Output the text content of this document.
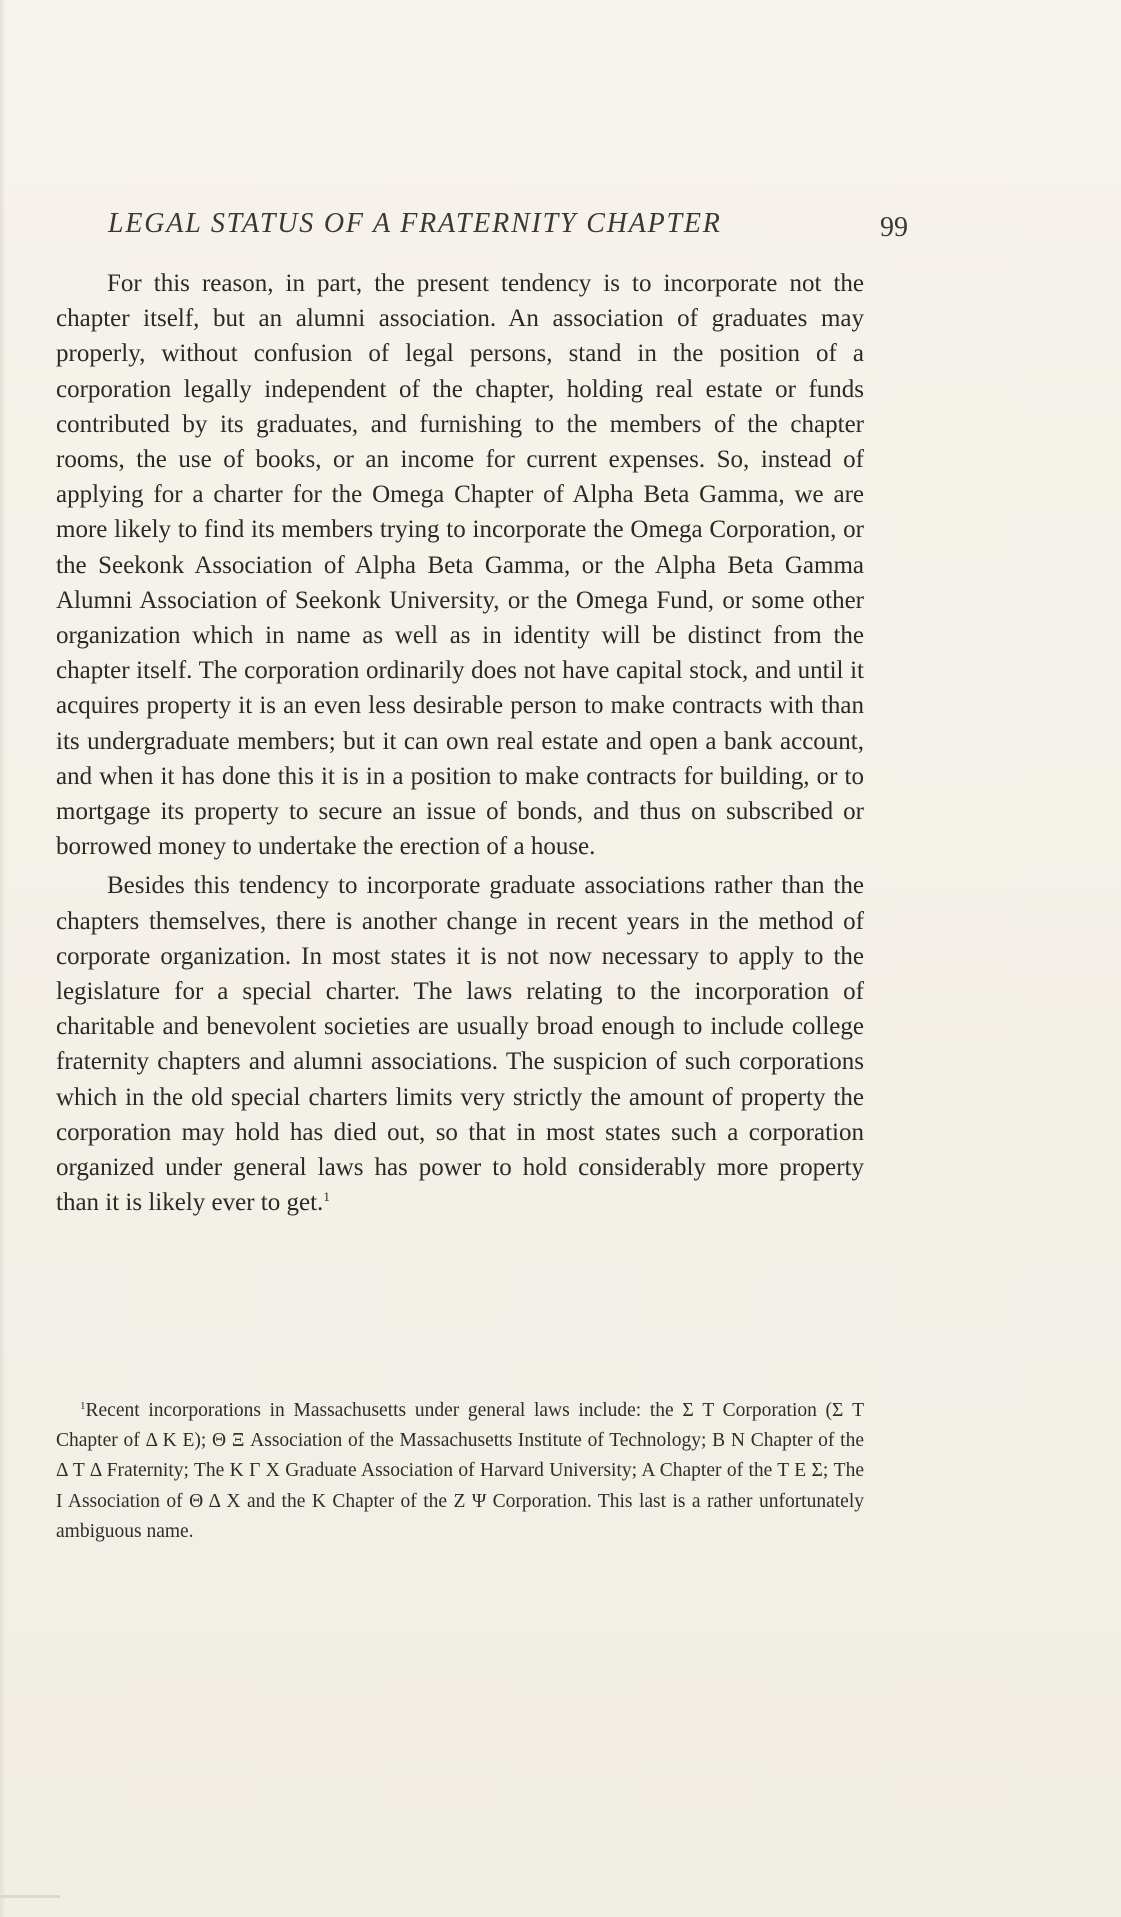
LEGAL STATUS OF A FRATERNITY CHAPTER	99

For this reason, in part, the present tendency is to incorporate not the chapter itself, but an alumni association. An association of graduates may properly, without confusion of legal persons, stand in the position of a corporation legally independent of the chapter, holding real estate or funds contributed by its graduates, and furnishing to the members of the chapter rooms, the use of books, or an income for current expenses. So, instead of applying for a charter for the Omega Chapter of Alpha Beta Gamma, we are more likely to find its members trying to incorporate the Omega Corporation, or the Seekonk Association of Alpha Beta Gamma, or the Alpha Beta Gamma Alumni Association of Seekonk University, or the Omega Fund, or some other organization which in name as well as in identity will be distinct from the chapter itself. The corporation ordinarily does not have capital stock, and until it acquires property it is an even less desirable person to make contracts with than its undergraduate members; but it can own real estate and open a bank account, and when it has done this it is in a position to make contracts for building, or to mortgage its property to secure an issue of bonds, and thus on subscribed or borrowed money to undertake the erection of a house.

Besides this tendency to incorporate graduate associations rather than the chapters themselves, there is another change in recent years in the method of corporate organization. In most states it is not now necessary to apply to the legislature for a special charter. The laws relating to the incorporation of charitable and benevolent societies are usually broad enough to include college fraternity chapters and alumni associations. The suspicion of such corporations which in the old special charters limits very strictly the amount of property the corporation may hold has died out, so that in most states such a corporation organized under general laws has power to hold considerably more property than it is likely ever to get.$^1$

$^1$Recent incorporations in Massachusetts under general laws include: the Σ T Corporation (Σ T Chapter of Δ K E); Θ Ξ Association of the Massachusetts Institute of Technology; B N Chapter of the Δ T Δ Fraternity; The K Γ X Graduate Association of Harvard University; A Chapter of the T E Σ; The I Association of Θ Δ X and the K Chapter of the Z Ψ Corporation. This last is a rather unfortunately ambiguous name.
